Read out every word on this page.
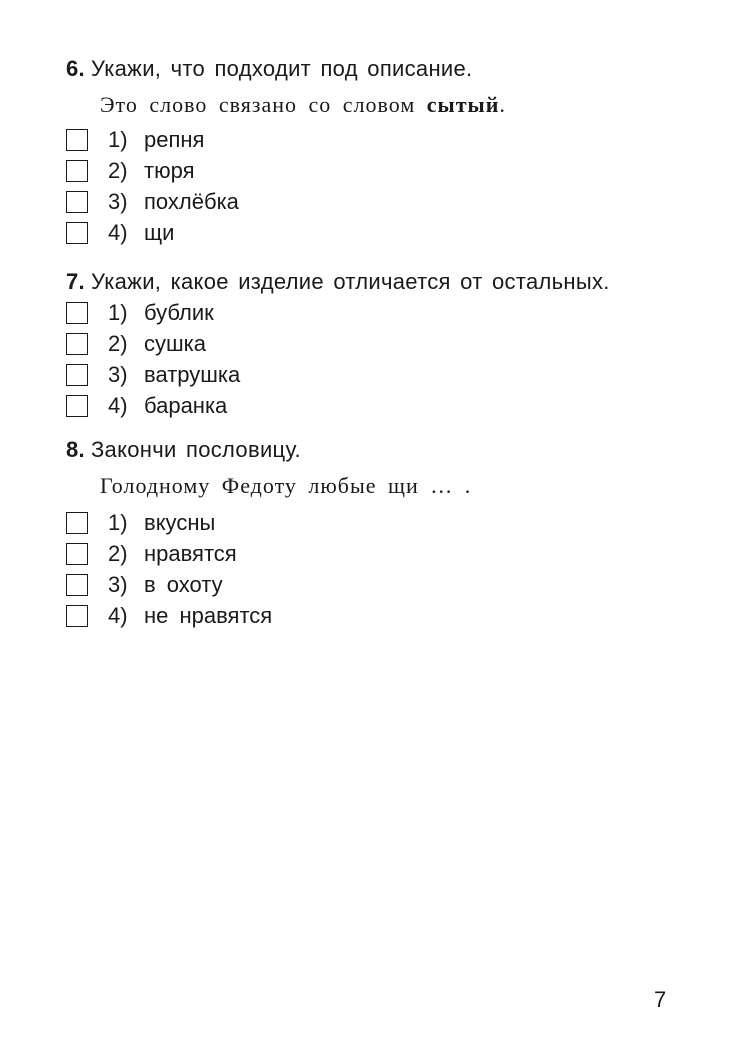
6. Укажи, что подходит под описание.
Это слово связано со словом сытый.
1) репня
2) тюря
3) похлёбка
4) щи
7. Укажи, какое изделие отличается от остальных.
1) бублик
2) сушка
3) ватрушка
4) баранка
8. Закончи пословицу.
Голодному Федоту любые щи … .
1) вкусны
2) нравятся
3) в охоту
4) не нравятся
7
